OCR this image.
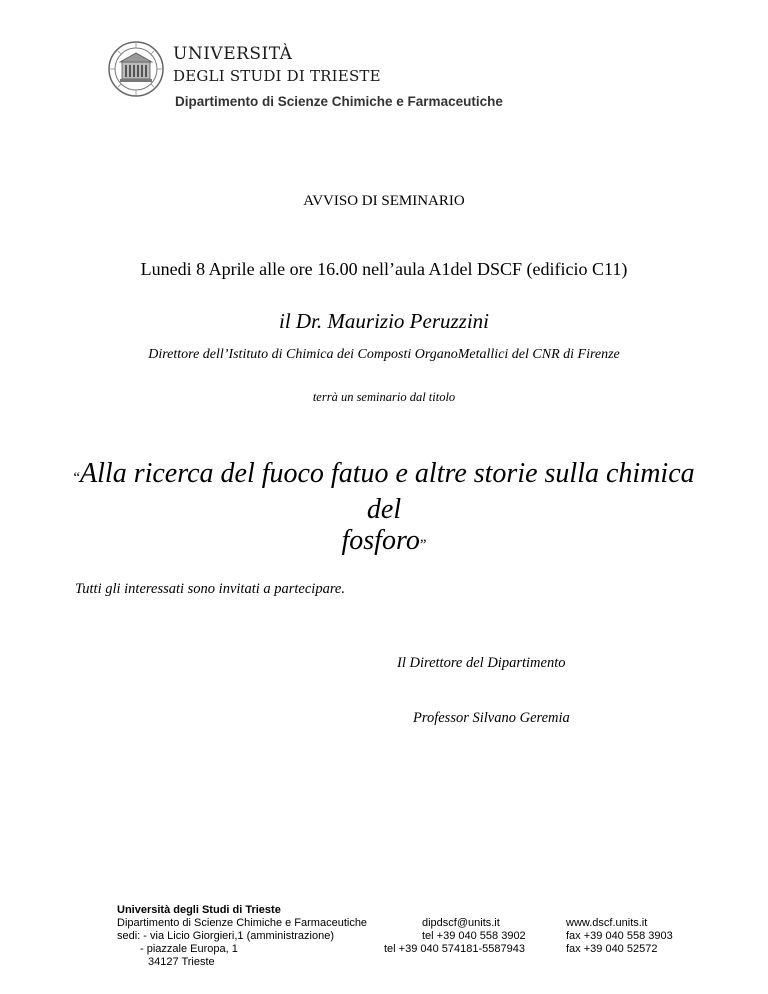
UNIVERSITÀ
DEGLI STUDI DI TRIESTE
Dipartimento di Scienze Chimiche e Farmaceutiche
AVVISO DI SEMINARIO
Lunedi 8 Aprile alle ore 16.00 nell’aula A1del DSCF (edificio C11)
il Dr. Maurizio Peruzzini
Direttore dell’Istituto di Chimica dei Composti OrganoMetallici del CNR di Firenze
terrà un seminario dal titolo
“Alla ricerca del fuoco fatuo e altre storie sulla chimica del
fosforo”
Tutti gli interessati sono invitati a partecipare.
Il Direttore del Dipartimento
Professor Silvano Geremia
Università degli Studi di Trieste
Dipartimento di Scienze Chimiche e Farmaceutiche
sedi: - via Licio Giorgieri,1 (amministrazione)
- piazzale Europa, 1
34127 Trieste
dipdscf@units.it
tel +39 040 558 3902
tel +39 040 574181-5587943
www.dscf.units.it
fax +39 040 558 3903
fax +39 040 52572
